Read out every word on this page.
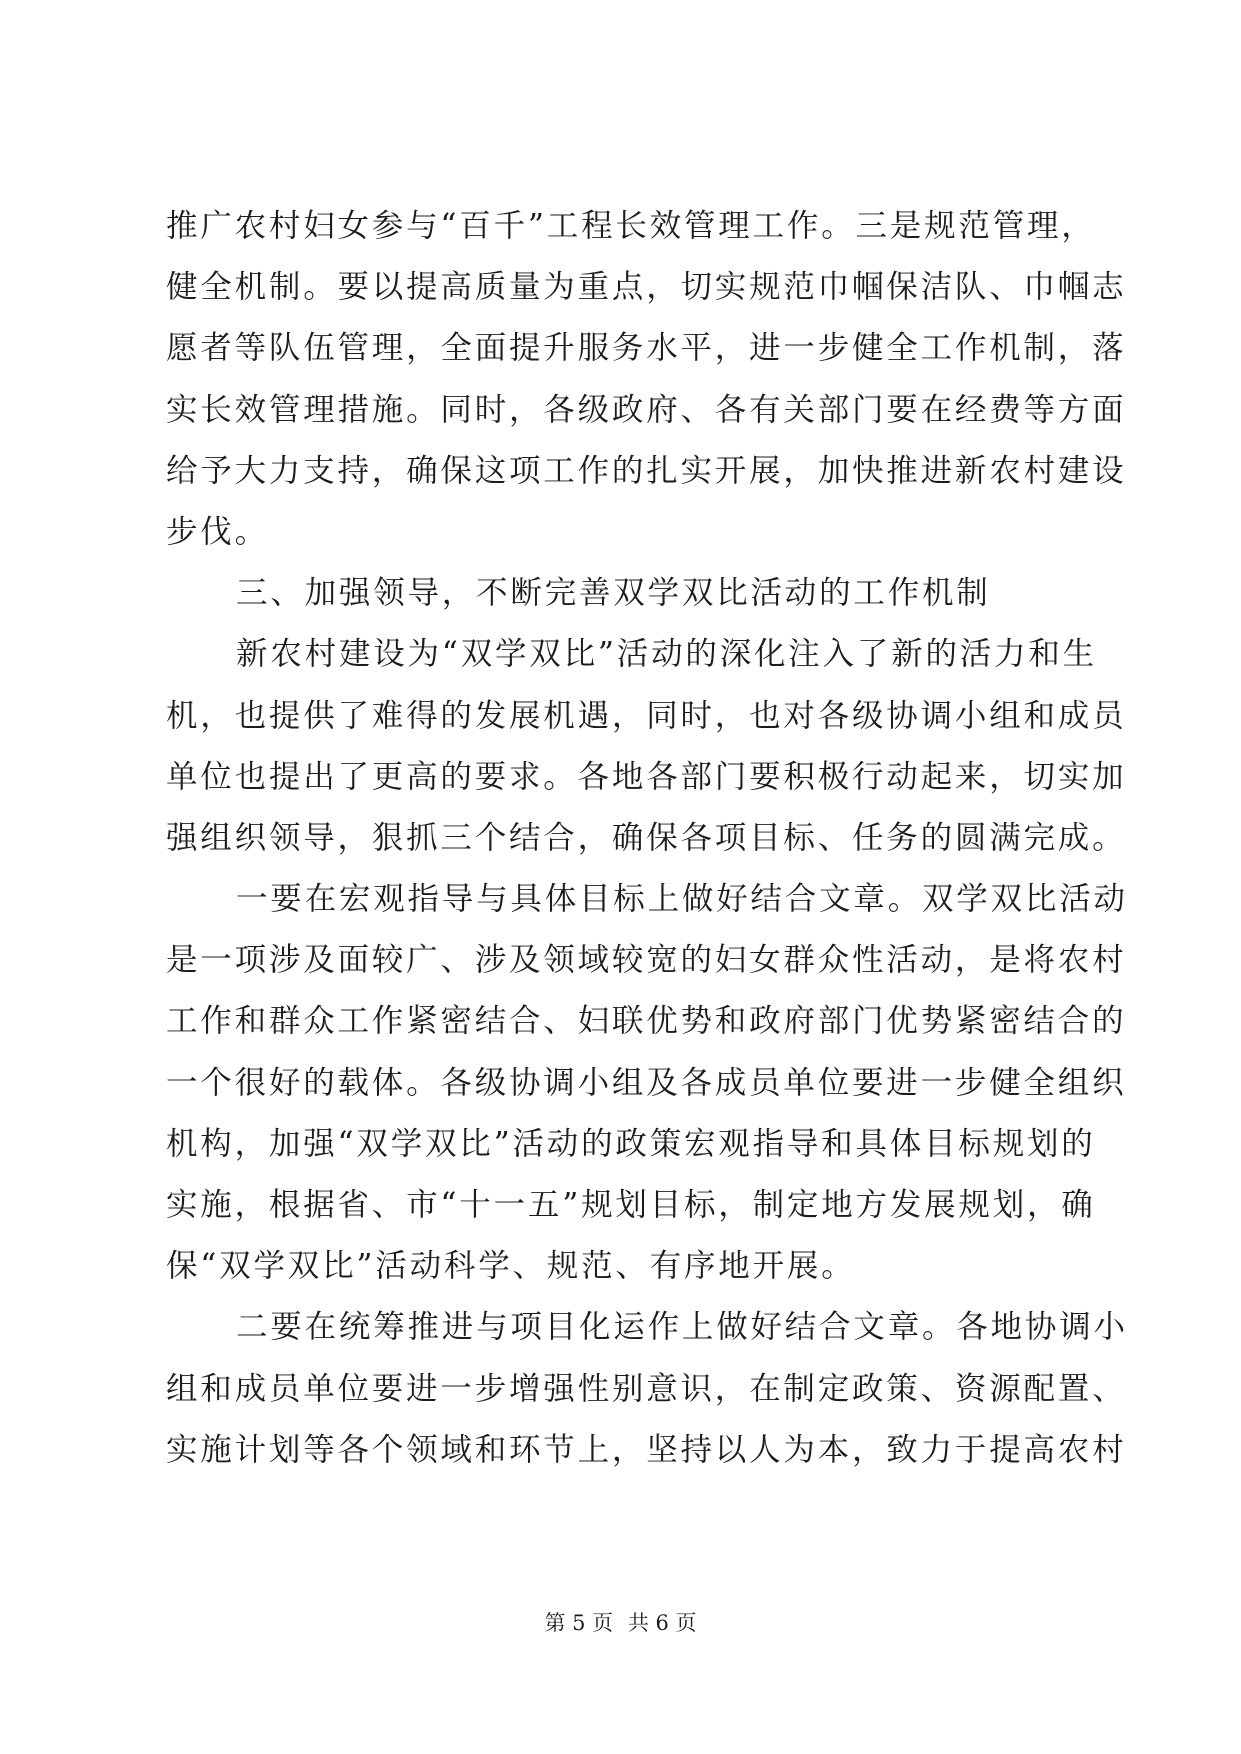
推广农村妇女参与“百千”工程长效管理工作。三是规范管理，
健全机制。要以提高质量为重点，切实规范巾帼保洁队、巾帼志
愿者等队伍管理，全面提升服务水平，进一步健全工作机制，落
实长效管理措施。同时，各级政府、各有关部门要在经费等方面
给予大力支持，确保这项工作的扎实开展，加快推进新农村建设
步伐。
三、加强领导，不断完善双学双比活动的工作机制
新农村建设为“双学双比”活动的深化注入了新的活力和生
机，也提供了难得的发展机遇，同时，也对各级协调小组和成员
单位也提出了更高的要求。各地各部门要积极行动起来，切实加
强组织领导，狠抓三个结合，确保各项目标、任务的圆满完成。
一要在宏观指导与具体目标上做好结合文章。双学双比活动
是一项涉及面较广、涉及领域较宽的妇女群众性活动，是将农村
工作和群众工作紧密结合、妇联优势和政府部门优势紧密结合的
一个很好的载体。各级协调小组及各成员单位要进一步健全组织
机构，加强“双学双比”活动的政策宏观指导和具体目标规划的
实施，根据省、市“十一五”规划目标，制定地方发展规划，确
保“双学双比”活动科学、规范、有序地开展。
二要在统筹推进与项目化运作上做好结合文章。各地协调小
组和成员单位要进一步增强性别意识，在制定政策、资源配置、
实施计划等各个领域和环节上，坚持以人为本，致力于提高农村
第 5 页 共 6 页
